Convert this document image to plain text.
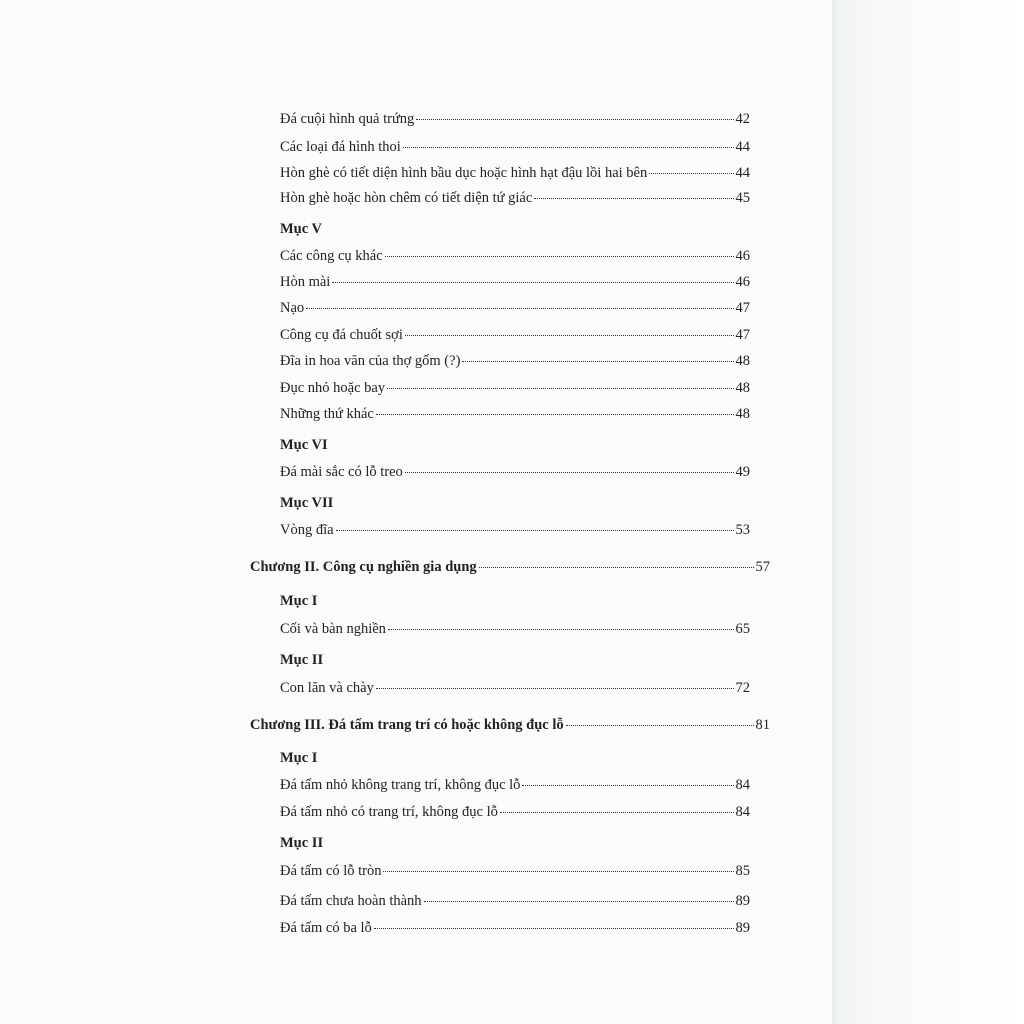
Đá cuội hình quả trứng	42
Các loại đá hình thoi	44
Hòn ghè có tiết diện hình bầu dục hoặc hình hạt đậu lồi hai bên	44
Hòn ghè hoặc hòn chêm có tiết diện tứ giác	45
Mục V
Các công cụ khác	46
Hòn mài	46
Nạo	47
Công cụ đá chuốt sợi	47
Đĩa in hoa văn của thợ gốm (?)	48
Đục nhỏ hoặc bay	48
Những thứ khác	48
Mục VI
Đá mài sắc có lỗ treo	49
Mục VII
Vòng đĩa	53
Chương II. Công cụ nghiền gia dụng	57
Mục I
Cối và bàn nghiền	65
Mục II
Con lăn và chày	72
Chương III. Đá tấm trang trí có hoặc không đục lỗ	81
Mục I
Đá tấm nhỏ không trang trí, không đục lỗ	84
Đá tấm nhỏ có trang trí, không đục lỗ	84
Mục II
Đá tấm có lỗ tròn	85
Đá tấm chưa hoàn thành	89
Đá tấm có ba lỗ	89
